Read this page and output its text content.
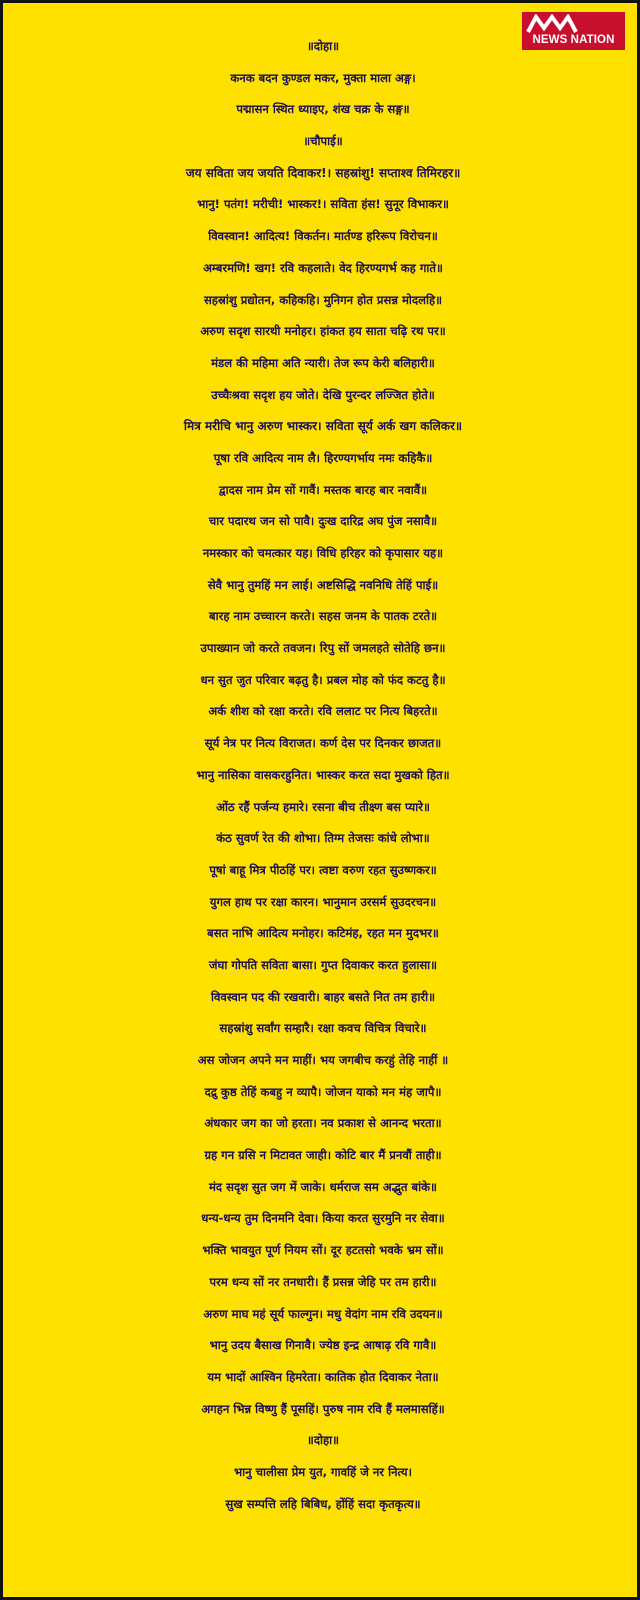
NEWS NATION
॥दोहा॥
कनक बदन कुण्डल मकर, मुक्ता माला अङ्ग।
पद्मासन स्थित ध्याइए, शंख चक्र के सङ्ग॥
॥चौपाई॥
जय सविता जय जयति दिवाकर!। सहस्रांशु! सप्ताश्व तिमिरहर॥
भानु! पतंग! मरीची! भास्कर!। सविता हंस! सुनूर विभाकर॥
विवस्वान! आदित्य! विकर्तन। मार्तण्ड हरिरूप विरोचन॥
अम्बरमणि! खग! रवि कहलाते। वेद हिरण्यगर्भ कह गाते॥
सहस्रांशु प्रद्योतन, कहिकहि। मुनिगन होत प्रसन्न मोदलहि॥
अरुण सदृश सारथी मनोहर। हांकत हय साता चढ़ि रथ पर॥
मंडल की महिमा अति न्यारी। तेज रूप केरी बलिहारी॥
उच्चैःश्रवा सदृश हय जोते। देखि पुरन्दर लज्जित होते॥
मित्र मरीचि भानु अरुण भास्कर। सविता सूर्य अर्क खग कलिकर॥
पूषा रवि आदित्य नाम लै। हिरण्यगर्भाय नमः कहिकै॥
द्वादस नाम प्रेम सों गावैं। मस्तक बारह बार नवावैं॥
चार पदारथ जन सो पावै। दुःख दारिद्र अघ पुंज नसावै॥
नमस्कार को चमत्कार यह। विधि हरिहर को कृपासार यह॥
सेवै भानु तुमहिं मन लाई। अष्टसिद्धि नवनिधि तेहिं पाई॥
बारह नाम उच्चारन करते। सहस जनम के पातक टरते॥
उपाख्यान जो करते तवजन। रिपु सों जमलहते सोतेहि छन॥
धन सुत जुत परिवार बढ़तु है। प्रबल मोह को फंद कटतु है॥
अर्क शीश को रक्षा करते। रवि ललाट पर नित्य बिहरते॥
सूर्य नेत्र पर नित्य विराजत। कर्ण देस पर दिनकर छाजत॥
भानु नासिका वासकरहुनित। भास्कर करत सदा मुखको हित॥
ओंठ रहैं पर्जन्य हमारे। रसना बीच तीक्ष्ण बस प्यारे॥
कंठ सुवर्ण रेत की शोभा। तिग्म तेजसः कांधे लोभा॥
पूषां बाहू मित्र पीठहिं पर। त्वष्टा वरुण रहत सुउष्णकर॥
युगल हाथ पर रक्षा कारन। भानुमान उरसर्म सुउदरचन॥
बसत नाभि आदित्य मनोहर। कटिमंह, रहत मन मुदभर॥
जंघा गोपति सविता बासा। गुप्त दिवाकर करत हुलासा॥
विवस्वान पद की रखवारी। बाहर बसते नित तम हारी॥
सहस्रांशु सर्वांग सम्हारै। रक्षा कवच विचित्र विचारे॥
अस जोजन अपने मन माहीं। भय जगबीच करहुं तेहि नाहीं ॥
दद्रु कुष्ठ तेहिं कबहु न व्यापै। जोजन याको मन मंह जापै॥
अंधकार जग का जो हरता। नव प्रकाश से आनन्द भरता॥
ग्रह गन ग्रसि न मिटावत जाही। कोटि बार मैं प्रनवौं ताही॥
मंद सदृश सुत जग में जाके। धर्मराज सम अद्भुत बांके॥
धन्य-धन्य तुम दिनमनि देवा। किया करत सुरमुनि नर सेवा॥
भक्ति भावयुत पूर्ण नियम सों। दूर हटतसो भवके भ्रम सों॥
परम धन्य सों नर तनधारी। हैं प्रसन्न जेहि पर तम हारी॥
अरुण माघ महं सूर्य फाल्गुन। मधु वेदांग नाम रवि उदयन॥
भानु उदय बैसाख गिनावै। ज्येष्ठ इन्द्र आषाढ़ रवि गावै॥
यम भादों आश्विन हिमरेता। कातिक होत दिवाकर नेता॥
अगहन भिन्न विष्णु हैं पूसहिं। पुरुष नाम रवि हैं मलमासहिं॥
॥दोहा॥
भानु चालीसा प्रेम युत, गावहिं जे नर नित्य।
सुख सम्पत्ति लहि बिबिध, होंहिं सदा कृतकृत्य॥
